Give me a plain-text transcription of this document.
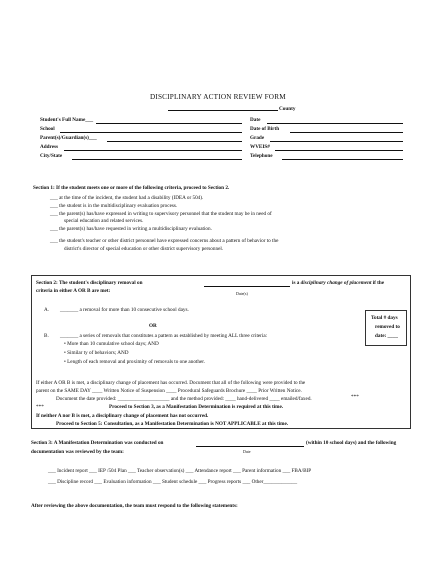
DISCIPLINARY ACTION REVIEW FORM
County
Student's Full Name___	Date
School	Date of Birth
Parent(s)/Guardian(s)___	Grade
Address	WVEIS#
City/State	Telephone
Section 1: If the student meets one or more of the following criteria, proceed to Section 2.
___ at the time of the incident, the student had a disability (IDEA or 504).
___ the student is in the multidisciplinary evaluation process.
___ the parent(s) has/have expressed in writing to supervisory personnel that the student may be in need of
special education and related services.
___ the parent(s) has/have requested in writing a multidisciplinary evaluation.
___ the student's teacher or other district personnel have expressed concerns about a pattern of behavior to the
district's director of special education or other district supervisory personnel.
Section 2: The student's disciplinary removal on	is a disciplinary change of placement if the
criteria in either A OR B are met:	Date(s)
A. _______ a removal for more than 10 consecutive school days.
Total # days
removed to
date: ____
OR
B. _______ a series of removals that constitutes a pattern as established by meeting ALL three criteria:
• More than 10 cumulative school days; AND
• Similar ty of behaviors; AND
• Length of each removal and proximity of removals to one another.
If either A OR B is met, a disciplinary change of placement has occurred. Document that all of the following were provided to the
parent on the SAME DAY ____ Written Notice of Suspension ____ Procedural Safeguards Brochure ____ Prior Written Notice.
Document the date provided: ____________________ and the method provided: ____ hand-delivered ____ emailed/faxed.	***
Proceed to Section 3, as a Manifestation Determination is required at this time.
***
If neither A nor B is met, a disciplinary change of placement has not occurred.
Proceed to Section 5: Consultation, as a Manifestation Determination is NOT APPLICABLE at this time.
Section 3: A Manifestation Determination was conducted on	(within 10 school days) and the following
documentation was reviewed by the team:	Date
___ Incident report ___ IEP /504 Plan ___ Teacher observation(s) ___ Attendance report ___ Parent information ___ FBA/BIP
___ Discipline record ___ Evaluation information ___ Student schedule ___ Progress reports ___ Other_____________
After reviewing the above documentation, the team must respond to the following statements:
